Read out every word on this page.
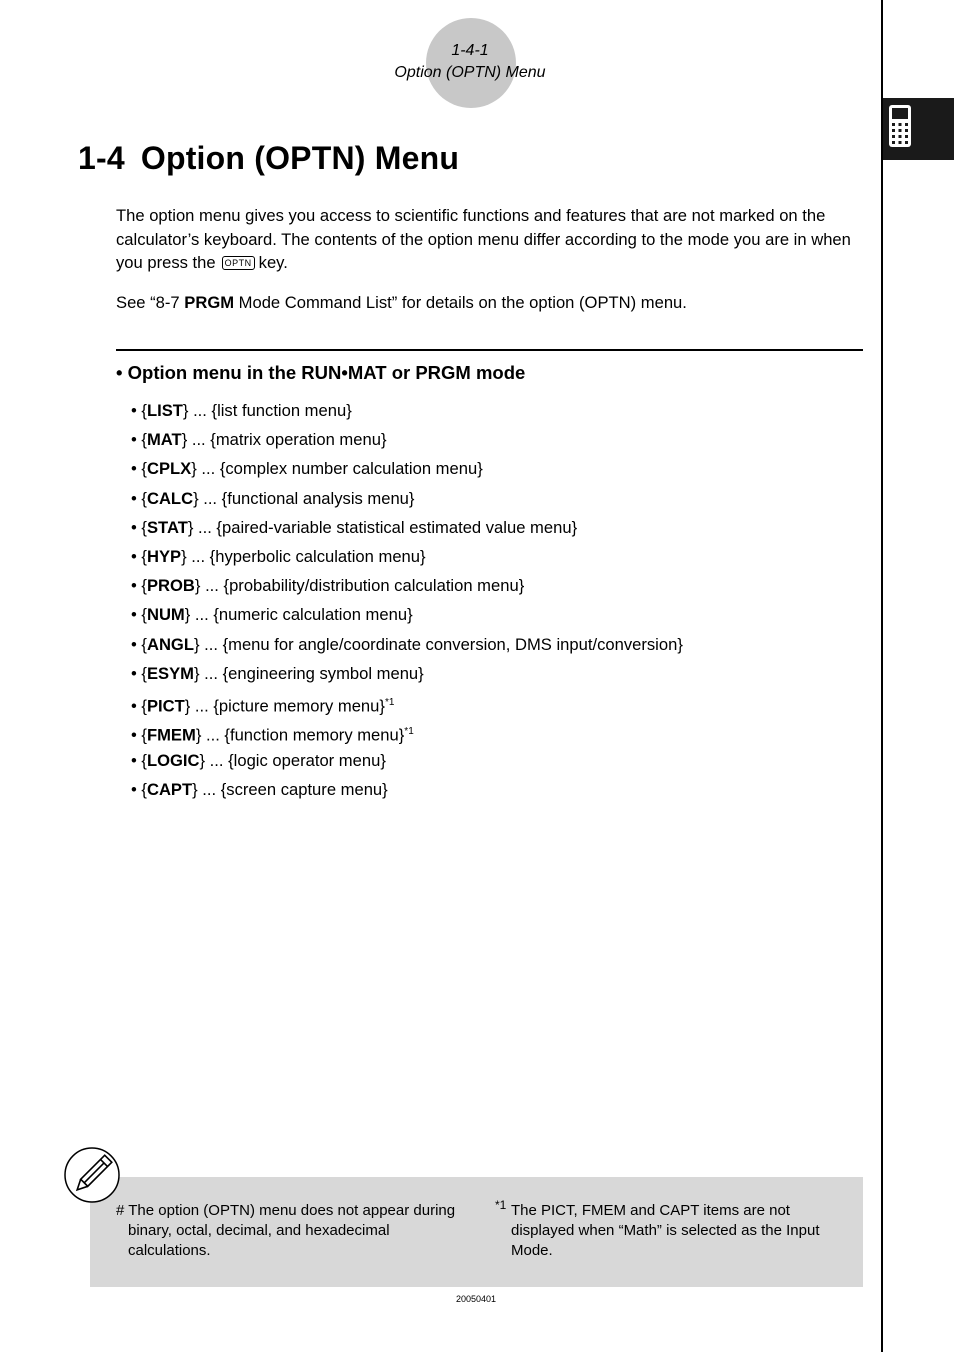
1-4-1
Option (OPTN) Menu
1-4 Option (OPTN) Menu

The option menu gives you access to scientific functions and features that are not marked on the calculator’s keyboard. The contents of the option menu differ according to the mode you are in when you press the OPTN key.

See “8-7 PRGM Mode Command List” for details on the option (OPTN) menu.

• Option menu in the RUN•MAT or PRGM mode
• {LIST} ... {list function menu}
• {MAT} ... {matrix operation menu}
• {CPLX} ... {complex number calculation menu}
• {CALC} ... {functional analysis menu}
• {STAT} ... {paired-variable statistical estimated value menu}
• {HYP} ... {hyperbolic calculation menu}
• {PROB} ... {probability/distribution calculation menu}
• {NUM} ... {numeric calculation menu}
• {ANGL} ... {menu for angle/coordinate conversion, DMS input/conversion}
• {ESYM} ... {engineering symbol menu}
• {PICT} ... {picture memory menu}$^{*1}$
• {FMEM} ... {function memory menu}$^{*1}$
• {LOGIC} ... {logic operator menu}
• {CAPT} ... {screen capture menu}
# The option (OPTN) menu does not appear during binary, octal, decimal, and hexadecimal calculations.
*1 The PICT, FMEM and CAPT items are not displayed when “Math” is selected as the Input Mode.
20050401
